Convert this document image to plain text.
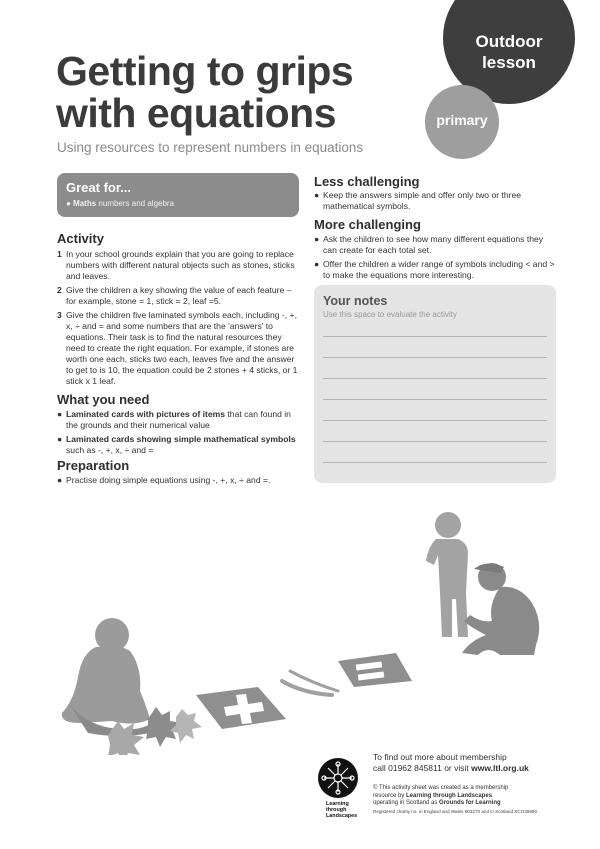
Outdoor
lesson
primary
Getting to grips
with equations
Using resources to represent numbers in equations
Great for...
● Maths numbers and algebra
Activity
1 In your school grounds explain that you are going to replace numbers with different natural objects such as stones, sticks and leaves.
2 Give the children a key showing the value of each feature – for example, stone = 1, stick = 2, leaf =5.
3 Give the children five laminated symbols each, including -, +, x, ÷ and = and some numbers that are the 'answers' to equations. Their task is to find the natural resources they need to create the right equation. For example, if stones are worth one each, sticks two each, leaves five and the answer to get to is 10, the equation could be 2 stones + 4 sticks, or 1 stick x 1 leaf.
What you need
● Laminated cards with pictures of items that can found in the grounds and their numerical value
● Laminated cards showing simple mathematical symbols such as -, +, x, ÷ and =
Preparation
● Practise doing simple equations using -, +, x, ÷ and =.
Less challenging
● Keep the answers simple and offer only two or three mathematical symbols.
More challenging
● Ask the children to see how many different equations they can create for each total set.
● Offer the children a wider range of symbols including < and > to make the equations more interesting.
Your notes
Use this space to evaluate the activity
Learning
through
Landscapes
To find out more about membership
call 01962 845811 or visit www.ltl.org.uk
© This activity sheet was created as a membership
resource by Learning through Landscapes
operating in Scotland as Grounds for Learning
Registered charity no. in England and Wales 803270 and in Scotland SCO38890
